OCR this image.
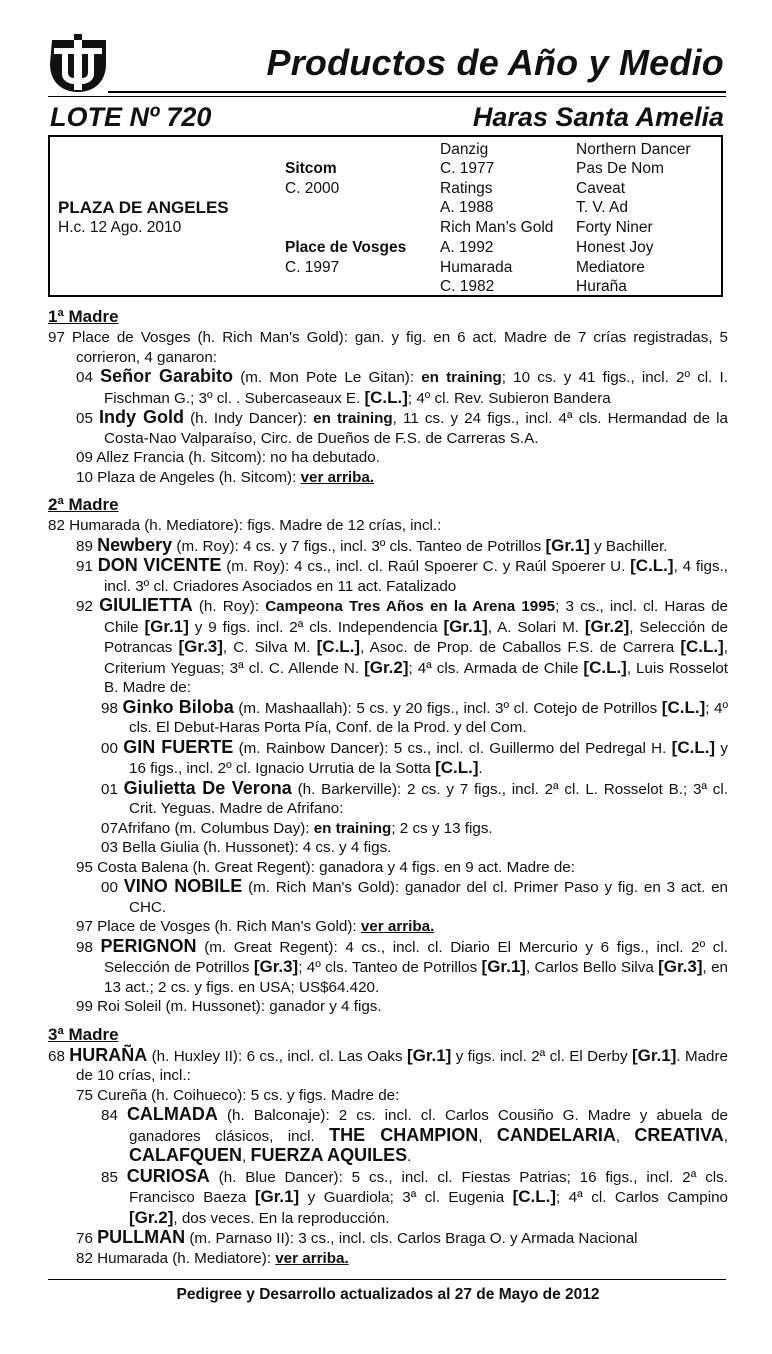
Productos de Año y Medio
LOTE Nº 720	Haras Santa Amelia
PLAZA DE ANGELES
H.c. 12 Ago. 2010
Sitcom
C. 2000
Place de Vosges
C. 1997
Danzig
C. 1977
Ratings
A. 1988
Rich Man’s Gold
A. 1992
Humarada
C. 1982
Northern Dancer
Pas De Nom
Caveat
T. V. Ad
Forty Niner
Honest Joy
Mediatore
Huraña
1ª Madre

97 Place de Vosges (h. Rich Man's Gold): gan. y fig. en 6 act. Madre de 7 crías registradas, 5 corrieron, 4 ganaron:

04 Señor Garabito (m. Mon Pote Le Gitan): en training; 10 cs. y 41 figs., incl. 2º cl. I. Fischman G.; 3º cl. . Subercaseaux E. [C.L.]; 4º cl. Rev. Subieron Bandera

05 Indy Gold (h. Indy Dancer): en training, 11 cs. y 24 figs., incl. 4ª cls. Hermandad de la Costa-Nao Valparaíso, Circ. de Dueños de F.S. de Carreras S.A.

09 Allez Francia (h. Sitcom): no ha debutado.

10 Plaza de Angeles (h. Sitcom): ver arriba.

2ª Madre

82 Humarada (h. Mediatore): figs. Madre de 12 crías, incl.:

89 Newbery (m. Roy): 4 cs. y 7 figs., incl. 3º cls. Tanteo de Potrillos [Gr.1] y Bachiller.

91 DON VICENTE (m. Roy): 4 cs., incl. cl. Raúl Spoerer C. y Raúl Spoerer U. [C.L.], 4 figs., incl. 3º cl. Criadores Asociados en 11 act. Fatalizado

92 GIULIETTA (h. Roy): Campeona Tres Años en la Arena 1995; 3 cs., incl. cl. Haras de Chile [Gr.1] y 9 figs. incl. 2ª cls. Independencia [Gr.1], A. Solari M. [Gr.2], Selección de Potrancas [Gr.3], C. Silva M. [C.L.], Asoc. de Prop. de Caballos F.S. de Carrera [C.L.], Criterium Yeguas; 3ª cl. C. Allende N. [Gr.2]; 4ª cls. Armada de Chile [C.L.], Luis Rosselot B. Madre de:

98 Ginko Biloba (m. Mashaallah): 5 cs. y 20 figs., incl. 3º cl. Cotejo de Potrillos [C.L.]; 4º cls. El Debut-Haras Porta Pía, Conf. de la Prod. y del Com.

00 GIN FUERTE (m. Rainbow Dancer): 5 cs., incl. cl. Guillermo del Pedregal H. [C.L.] y 16 figs., incl. 2º cl. Ignacio Urrutia de la Sotta [C.L.].

01 Giulietta De Verona (h. Barkerville): 2 cs. y 7 figs., incl. 2ª cl. L. Rosselot B.; 3ª cl. Crit. Yeguas. Madre de Afrifano:

07Afrifano (m. Columbus Day): en training; 2 cs y 13 figs.

03 Bella Giulia (h. Hussonet): 4 cs. y 4 figs.

95 Costa Balena (h. Great Regent): ganadora y 4 figs. en 9 act. Madre de:

00 VINO NOBILE (m. Rich Man's Gold): ganador del cl. Primer Paso y fig. en 3 act. en CHC.

97 Place de Vosges (h. Rich Man's Gold): ver arriba.

98 PERIGNON (m. Great Regent): 4 cs., incl. cl. Diario El Mercurio y 6 figs., incl. 2º cl. Selección de Potrillos [Gr.3]; 4º cls. Tanteo de Potrillos [Gr.1], Carlos Bello Silva [Gr.3], en 13 act.; 2 cs. y figs. en USA; US$64.420.

99 Roi Soleil (m. Hussonet): ganador y 4 figs.

3ª Madre

68 HURAÑA (h. Huxley II): 6 cs., incl. cl. Las Oaks [Gr.1] y figs. incl. 2ª cl. El Derby [Gr.1]. Madre de 10 crías, incl.:

75 Cureña (h. Coihueco): 5 cs. y figs. Madre de:

84 CALMADA (h. Balconaje): 2 cs. incl. cl. Carlos Cousiño G. Madre y abuela de ganadores clásicos, incl. THE CHAMPION, CANDELARIA, CREATIVA, CALAFQUEN, FUERZA AQUILES.

85 CURIOSA (h. Blue Dancer): 5 cs., incl. cl. Fiestas Patrias; 16 figs., incl. 2ª cls. Francisco Baeza [Gr.1] y Guardiola; 3ª cl. Eugenia [C.L.]; 4ª cl. Carlos Campino [Gr.2], dos veces. En la reproducción.

76 PULLMAN (m. Parnaso II): 3 cs., incl. cls. Carlos Braga O. y Armada Nacional

82 Humarada (h. Mediatore): ver arriba.

Pedigree y Desarrollo actualizados al 27 de Mayo de 2012
